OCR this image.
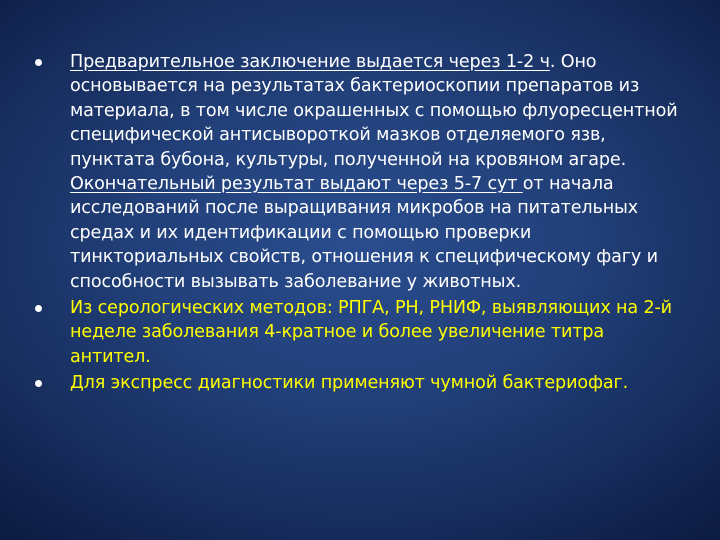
Предварительное заключение выдается через 1-2 ч. Оно основывается на результатах бактериоскопии препаратов из материала, в том числе окрашенных с помощью флуоресцентной специфической антисывороткой мазков отделяемого язв, пунктата бубона, культуры, полученной на кровяном агаре. Окончательный результат выдают через 5-7 сут от начала исследований после выращивания микробов на питательных средах и их идентификации с помощью проверки тинкториальных свойств, отношения к специфическому фагу и способности вызывать заболевание у животных.
Из серологических методов: РПГА, РН, РНИФ, выявляющих на 2-й неделе заболевания 4-кратное и более увеличение титра антител.
Для экспресс диагностики применяют чумной бактериофаг.
